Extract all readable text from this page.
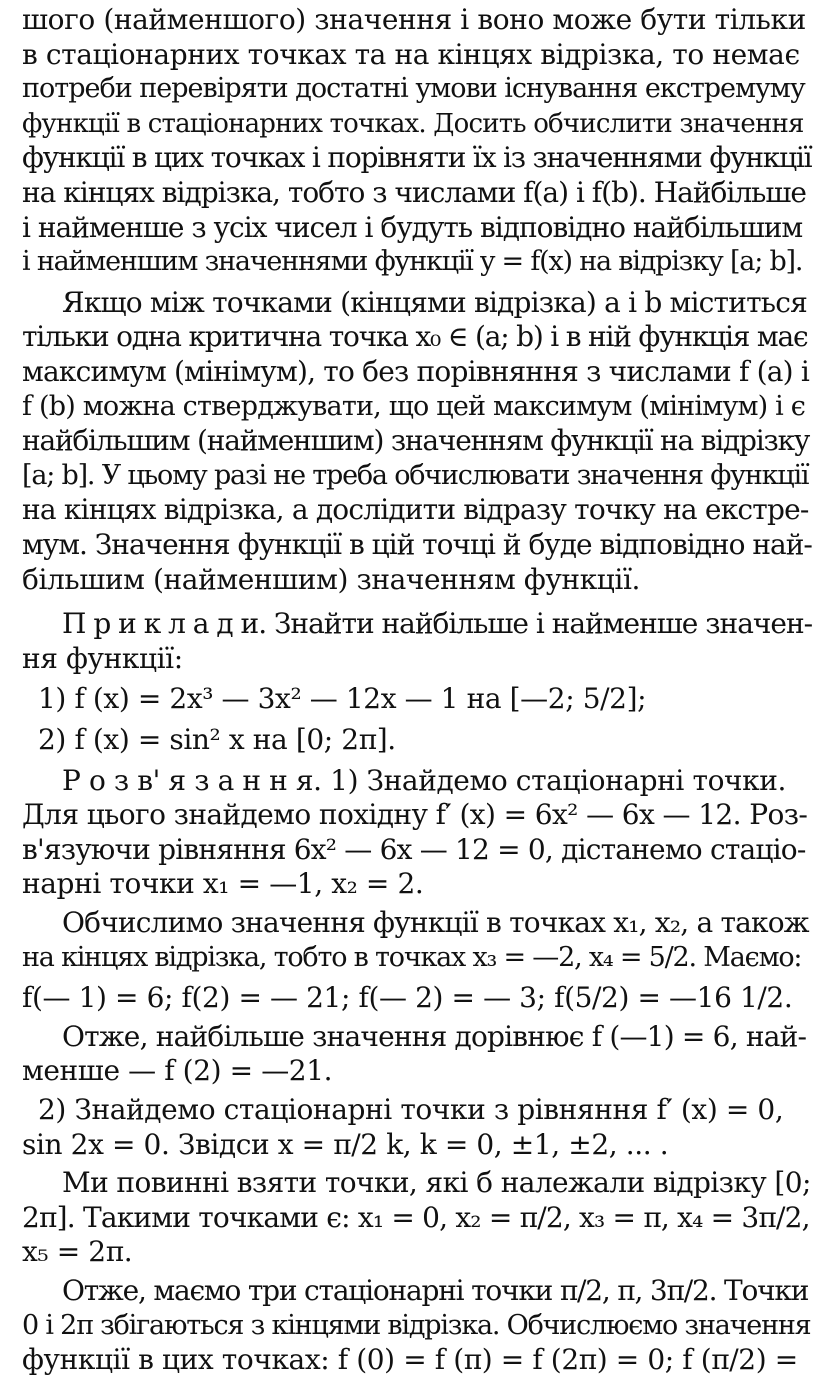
шого (найменшого) значення і воно може бути тільки
в стаціонарних точках та на кінцях відрізка, то немає
потреби перевіряти достатні умови існування екстремуму
функції в стаціонарних точках. Досить обчислити значення
функції в цих точках і порівняти їх із значеннями функції
на кінцях відрізка, тобто з числами f(a) і f(b). Найбільше
і найменше з усіх чисел і будуть відповідно найбільшим
і найменшим значеннями функції y = f(x) на відрізку [a; b].
Якщо між точками (кінцями відрізка) a і b міститься
тільки одна критична точка x₀ ∈ (a; b) і в ній функція має
максимум (мінімум), то без порівняння з числами f (a) і
f (b) можна стверджувати, що цей максимум (мінімум) і є
найбільшим (найменшим) значенням функції на відрізку
[a; b]. У цьому разі не треба обчислювати значення функції
на кінцях відрізка, а дослідити відразу точку на екстре-
мум. Значення функції в цій точці й буде відповідно най-
більшим (найменшим) значенням функції.
П р и к л а д и. Знайти найбільше і найменше значен-
ня функції:
1) f (x) = 2x³ — 3x² — 12x — 1 на [—2; 5/2];
2) f (x) = sin² x на [0; 2π].
Р о з в' я з а н н я. 1) Знайдемо стаціонарні точки.
Для цього знайдемо похідну f′ (x) = 6x² — 6x — 12. Роз-
в'язуючи рівняння 6x² — 6x — 12 = 0, дістанемо стаціо-
нарні точки x₁ = —1, x₂ = 2.
Обчислимо значення функції в точках x₁, x₂, а також
на кінцях відрізка, тобто в точках x₃ = —2, x₄ = 5/2. Маємо:
f(— 1) = 6; f(2) = — 21; f(— 2) = — 3; f(5/2) = —16 1/2.
Отже, найбільше значення дорівнює f (—1) = 6, най-
менше — f (2) = —21.
2) Знайдемо стаціонарні точки з рівняння f′ (x) = 0,
sin 2x = 0. Звідси x = π/2 k, k = 0, ±1, ±2, ... .
Ми повинні взяти точки, які б належали відрізку [0;
2π]. Такими точками є: x₁ = 0, x₂ = π/2, x₃ = π, x₄ = 3π/2,
x₅ = 2π.
Отже, маємо три стаціонарні точки π/2, π, 3π/2. Точки
0 і 2π збігаються з кінцями відрізка. Обчислюємо значення
функції в цих точках: f (0) = f (π) = f (2π) = 0; f (π/2) =
